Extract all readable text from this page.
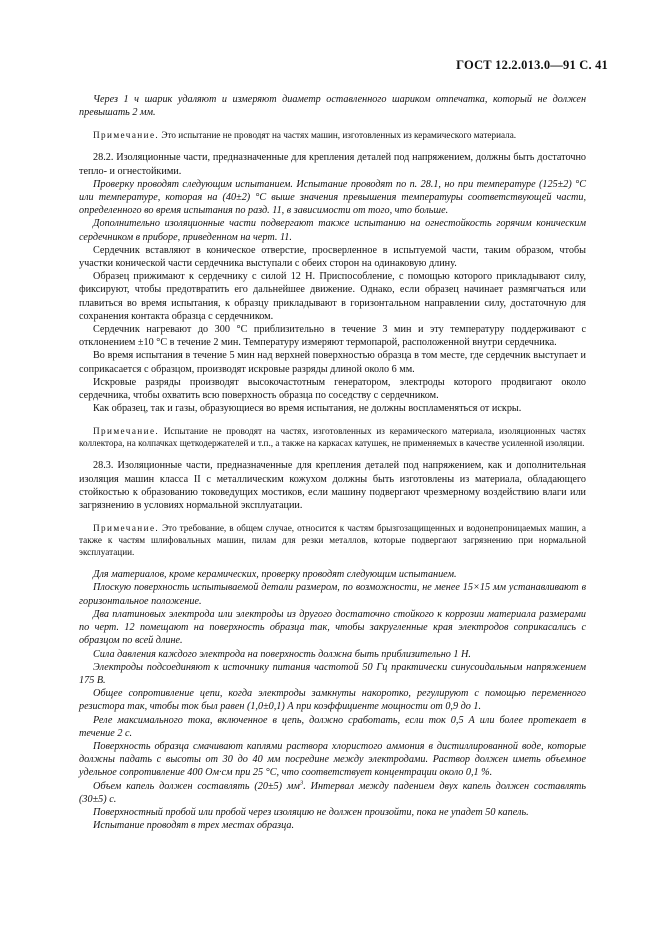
ГОСТ 12.2.013.0—91 С. 41

Через 1 ч шарик удаляют и измеряют диаметр оставленного шариком отпечатка, который не должен превышать 2 мм.

Примечание. Это испытание не проводят на частях машин, изготовленных из керамического материала.

28.2. Изоляционные части, предназначенные для крепления деталей под напряжением, должны быть достаточно тепло- и огнестойкими.

Проверку проводят следующим испытанием. Испытание проводят по п. 28.1, но при температуре (125±2) °С или температуре, которая на (40±2) °С выше значения превышения температуры соответствующей части, определенного во время испытания по разд. 11, в зависимости от того, что больше.

Дополнительно изоляционные части подвергают также испытанию на огнестойкость горячим коническим сердечником в приборе, приведенном на черт. 11.

Сердечник вставляют в коническое отверстие, просверленное в испытуемой части, таким образом, чтобы участки конической части сердечника выступали с обеих сторон на одинаковую длину.

Образец прижимают к сердечнику с силой 12 Н. Приспособление, с помощью которого прикладывают силу, фиксируют, чтобы предотвратить его дальнейшее движение. Однако, если образец начинает размягчаться или плавиться во время испытания, к образцу прикладывают в горизонтальном направлении силу, достаточную для сохранения контакта образца с сердечником.

Сердечник нагревают до 300 °С приблизительно в течение 3 мин и эту температуру поддерживают с отклонением ±10 °С в течение 2 мин. Температуру измеряют термопарой, расположенной внутри сердечника.

Во время испытания в течение 5 мин над верхней поверхностью образца в том месте, где сердечник выступает и соприкасается с образцом, производят искровые разряды длиной около 6 мм.

Искровые разряды производят высокочастотным генератором, электроды которого продвигают около сердечника, чтобы охватить всю поверхность образца по соседству с сердечником.

Как образец, так и газы, образующиеся во время испытания, не должны воспламеняться от искры.

Примечание. Испытание не проводят на частях, изготовленных из керамического материала, изоляционных частях коллектора, на колпачках щеткодержателей и т.п., а также на каркасах катушек, не применяемых в качестве усиленной изоляции.

28.3. Изоляционные части, предназначенные для крепления деталей под напряжением, как и дополнительная изоляция машин класса II с металлическим кожухом должны быть изготовлены из материала, обладающего стойкостью к образованию токоведущих мостиков, если машину подвергают чрезмерному воздействию влаги или загрязнению в условиях нормальной эксплуатации.

Примечание. Это требование, в общем случае, относится к частям брызгозащищенных и водонепроницаемых машин, а также к частям шлифовальных машин, пилам для резки металлов, которые подвергают загрязнению при нормальной эксплуатации.

Для материалов, кроме керамических, проверку проводят следующим испытанием.

Плоскую поверхность испытываемой детали размером, по возможности, не менее 15×15 мм устанавливают в горизонтальное положение.

Два платиновых электрода или электроды из другого достаточно стойкого к коррозии материала размерами по черт. 12 помещают на поверхность образца так, чтобы закругленные края электродов соприкасались с образцом по всей длине.

Сила давления каждого электрода на поверхность должна быть приблизительно 1 Н.

Электроды подсоединяют к источнику питания частотой 50 Гц практически синусоидальным напряжением 175 В.

Общее сопротивление цепи, когда электроды замкнуты накоротко, регулируют с помощью переменного резистора так, чтобы ток был равен (1,0±0,1) А при коэффициенте мощности от 0,9 до 1.

Реле максимального тока, включенное в цепь, должно сработать, если ток 0,5 А или более протекает в течение 2 с.

Поверхность образца смачивают каплями раствора хлористого аммония в дистиллированной воде, которые должны падать с высоты от 30 до 40 мм посредине между электродами. Раствор должен иметь объемное удельное сопротивление 400 Ом·см при 25 °С, что соответствует концентрации около 0,1 %.

Объем капель должен составлять (20±5) $мм^3$. Интервал между падением двух капель должен составлять (30±5) с.

Поверхностный пробой или пробой через изоляцию не должен произойти, пока не упадет 50 капель.

Испытание проводят в трех местах образца.
